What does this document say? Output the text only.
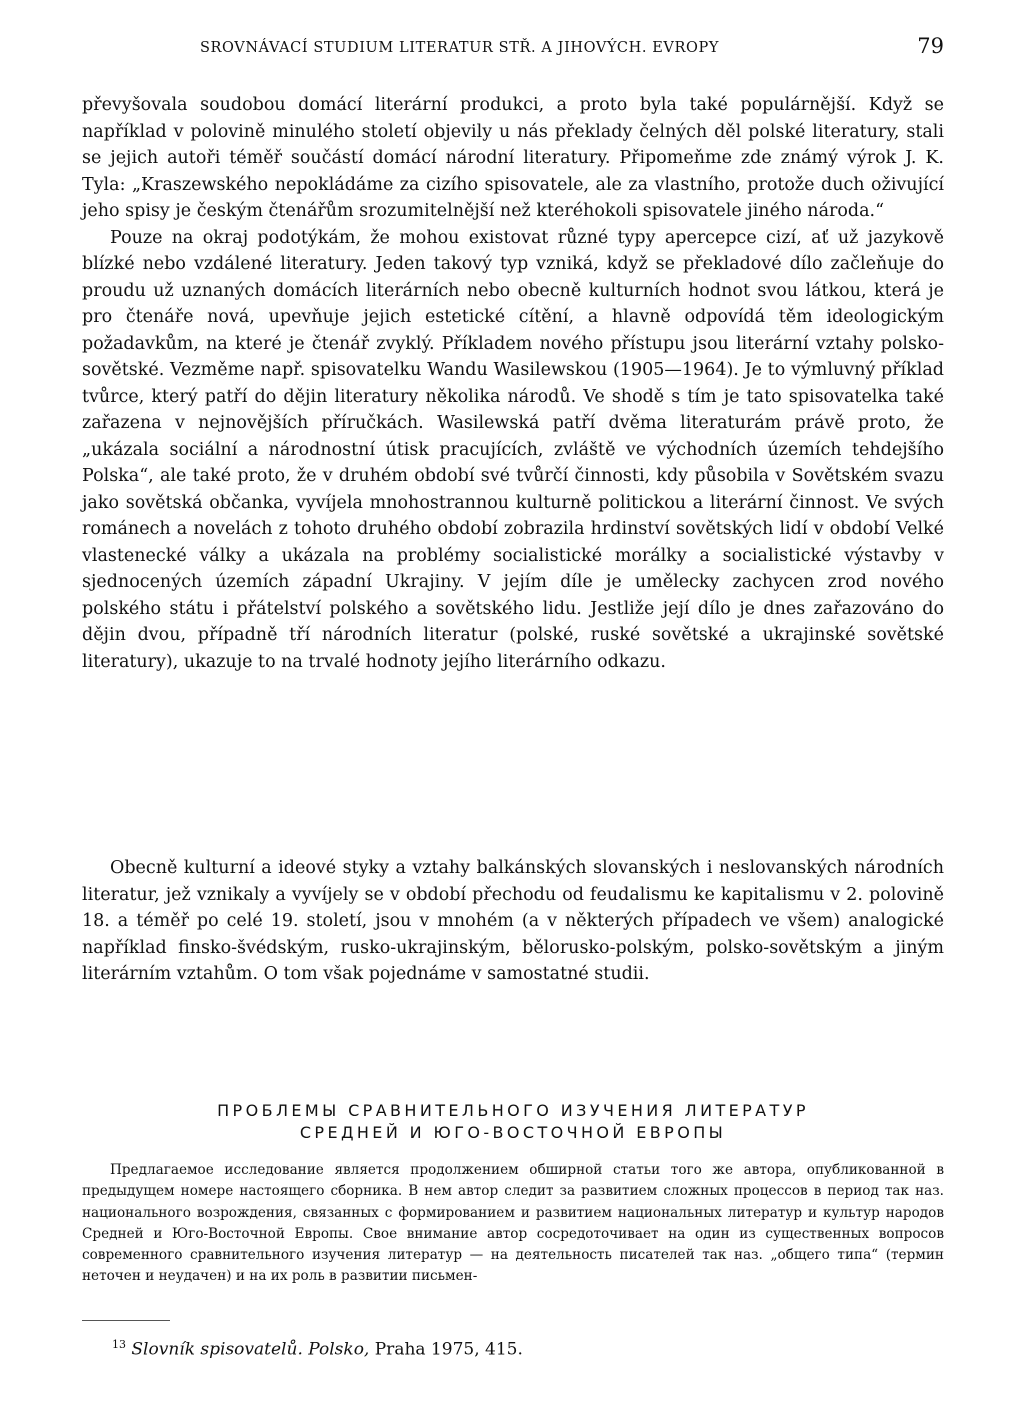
SROVNÁVACÍ STUDIUM LITERATUR STŘ. A JIHOVÝCH. EVROPY	79

převyšovala soudobou domácí literární produkci, a proto byla také populárnější. Když se například v polovině minulého století objevily u nás překlady čelných děl polské literatury, stali se jejich autoři téměř součástí domácí národní literatury. Připomeňme zde známý výrok J. K. Tyla: „Kraszewského nepokládáme za cizího spisovatele, ale za vlastního, protože duch oživující jeho spisy je českým čtenářům srozumitelnější než kteréhokoli spisovatele jiného národa.“

Pouze na okraj podotýkám, že mohou existovat různé typy apercepce cizí, ať už jazykově blízké nebo vzdálené literatury. Jeden takový typ vzniká, když se překladové dílo začleňuje do proudu už uznaných domácích literárních nebo obecně kulturních hodnot svou látkou, která je pro čtenáře nová, upevňuje jejich estetické cítění, a hlavně odpovídá těm ideologickým požadavkům, na které je čtenář zvyklý. Příkladem nového přístupu jsou literární vztahy polsko-sovětské. Vezměme např. spisovatelku Wandu Wasilewskou (1905—1964). Je to výmluvný příklad tvůrce, který patří do dějin literatury několika národů. Ve shodě s tím je tato spisovatelka také zařazena v nejnovějších příručkách. Wasilewská patří dvěma literaturám právě proto, že „ukázala sociální a národnostní útisk pracujících, zvláště ve východních územích tehdejšího Polska“, ale také proto, že v druhém období své tvůrčí činnosti, kdy působila v Sovětském svazu jako sovětská občanka, vyvíjela mnohostrannou kulturně politickou a literární činnost. Ve svých románech a novelách z tohoto druhého období zobrazila hrdinství sovětských lidí v období Velké vlastenecké války a ukázala na problémy socialistické morálky a socialistické výstavby v sjednocených územích západní Ukrajiny. V jejím díle je umělecky zachycen zrod nového polského státu i přátelství polského a sovětského lidu. Jestliže její dílo je dnes zařazováno do dějin dvou, případně tří národních literatur (polské, ruské sovětské a ukrajinské sovětské literatury), ukazuje to na trvalé hodnoty jejího literárního odkazu.

Obecně kulturní a ideové styky a vztahy balkánských slovanských i neslovanských národních literatur, jež vznikaly a vyvíjely se v období přechodu od feudalismu ke kapitalismu v 2. polovině 18. a téměř po celé 19. století, jsou v mnohém (a v některých případech ve všem) analogické například finsko-švédským, rusko-ukrajinským, bělorusko-polským, polsko-sovětským a jiným literárním vztahům. O tom však pojednáme v samostatné studii.

ПРОБЛЕМЫ СРАВНИТЕЛЬНОГО ИЗУЧЕНИЯ ЛИТЕРАТУР
СРЕДНЕЙ И ЮГО-ВОСТОЧНОЙ ЕВРОПЫ

Предлагаемое исследование является продолжением обширной статьи того же автора, опубликованной в предыдущем номере настоящего сборника. В нем автор следит за развитием сложных процессов в период так наз. национального возрождения, связанных с формированием и развитием национальных литератур и культур народов Средней и Юго-Восточной Европы. Свое внимание автор сосредоточивает на один из существенных вопросов современного сравнительного изучения литератур — на деятельность писателей так наз. „общего типа“ (термин неточен и неудачен) и на их роль в развитии письмен-

$^{13}$ Slovník spisovatelů. Polsko, Praha 1975, 415.
